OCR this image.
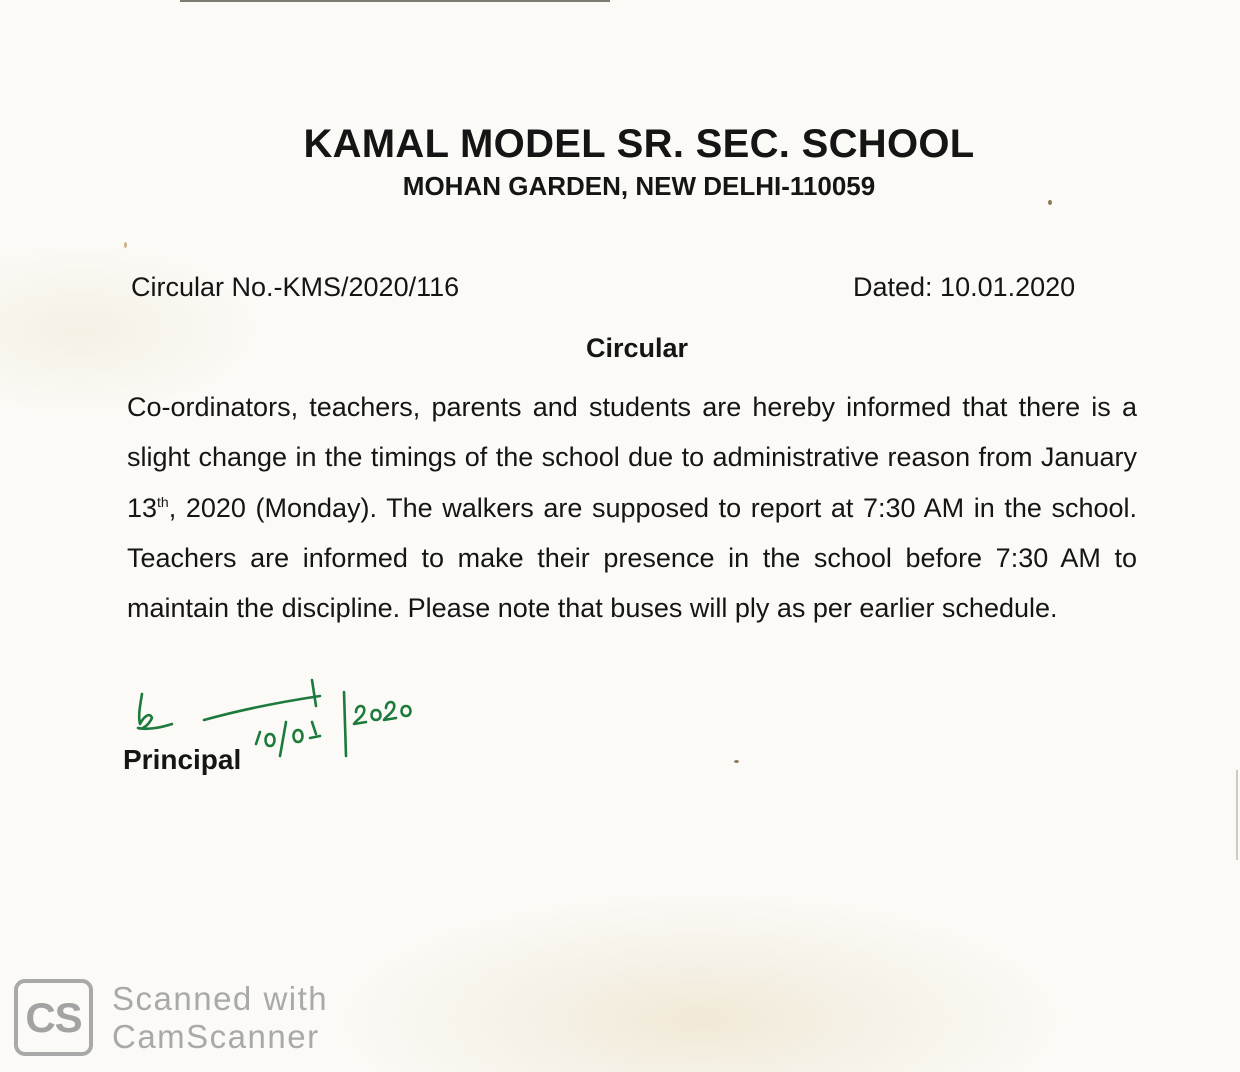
KAMAL MODEL SR. SEC. SCHOOL
MOHAN GARDEN, NEW DELHI-110059
Circular No.-KMS/2020/116	Dated: 10.01.2020
Circular

Co-ordinators, teachers, parents and students are hereby informed that there is a slight change in the timings of the school due to administrative reason from January 13th, 2020 (Monday). The walkers are supposed to report at 7:30 AM in the school. Teachers are informed to make their presence in the school before 7:30 AM to maintain the discipline. Please note that buses will ply as per earlier schedule.

Principal
CS Scanned with
CamScanner
